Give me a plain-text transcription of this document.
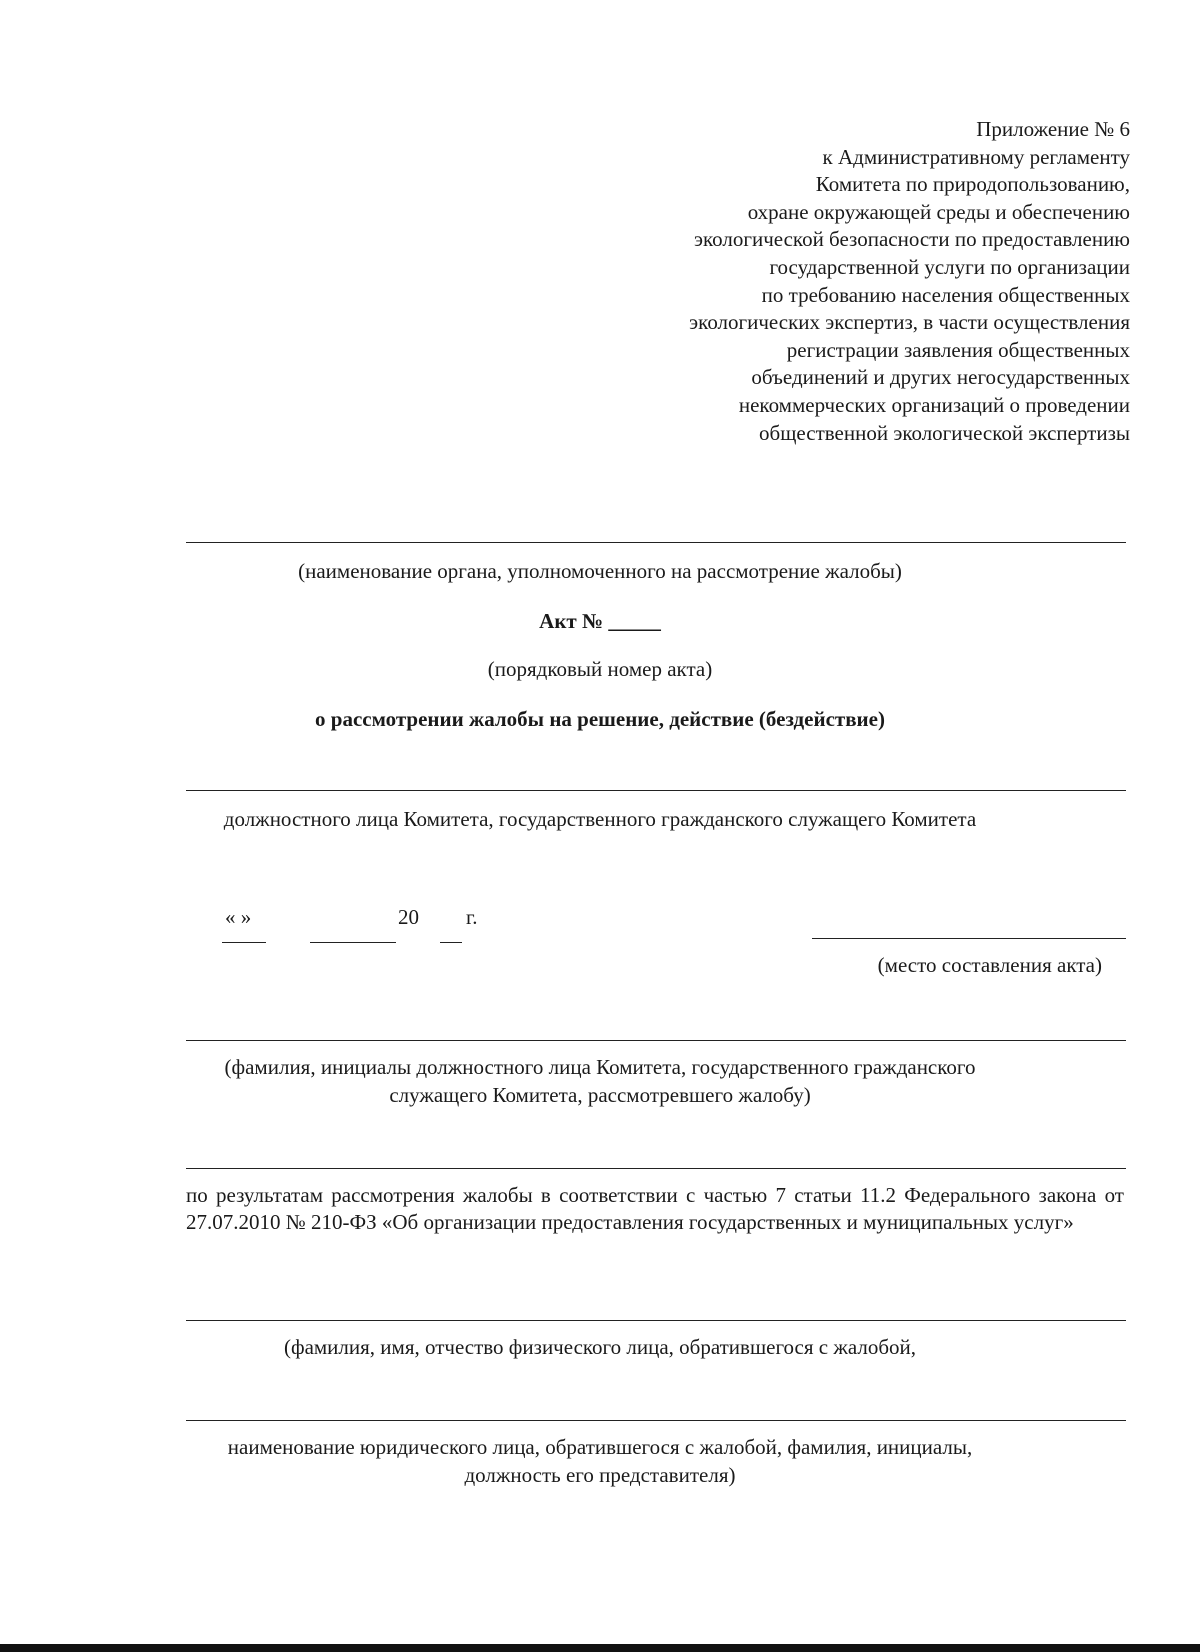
Приложение № 6
к Административному регламенту
Комитета по природопользованию,
охране окружающей среды и обеспечению
экологической безопасности по предоставлению
государственной услуги по организации
по требованию населения общественных
экологических экспертиз, в части осуществления
регистрации заявления общественных
объединений и других негосударственных
некоммерческих организаций о проведении
общественной экологической экспертизы
(наименование органа, уполномоченного на рассмотрение жалобы)
Акт № _____
(порядковый номер акта)
о рассмотрении жалобы на решение, действие (бездействие)
должностного лица Комитета, государственного гражданского служащего Комитета
« »	20 г.
(место составления акта)
(фамилия, инициалы должностного лица Комитета, государственного гражданского
служащего Комитета, рассмотревшего жалобу)
по результатам рассмотрения жалобы в соответствии с частью 7 статьи 11.2 Федерального закона от 27.07.2010 № 210-ФЗ «Об организации предоставления государственных и муниципальных услуг»
(фамилия, имя, отчество физического лица, обратившегося с жалобой,
наименование юридического лица, обратившегося с жалобой, фамилия, инициалы,
должность его представителя)
